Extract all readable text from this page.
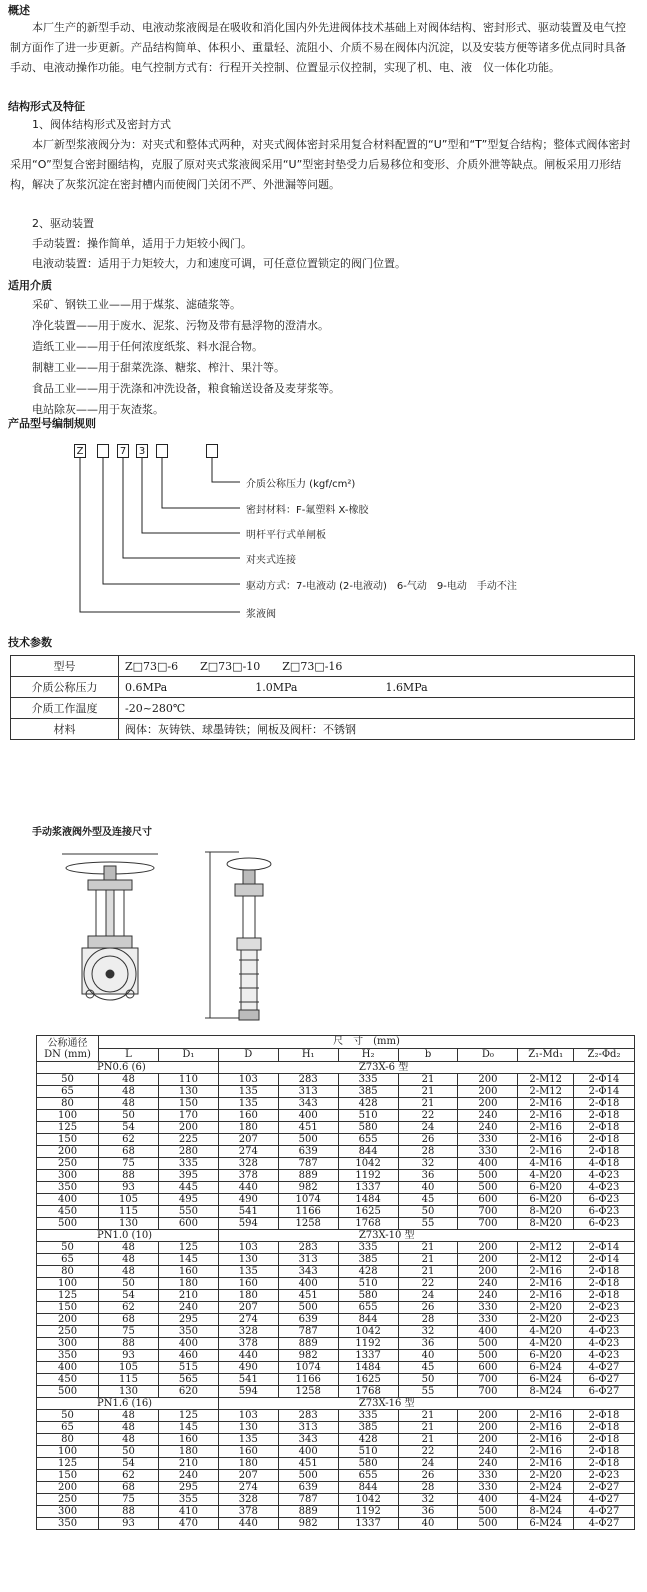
概述
本厂生产的新型手动、电液动浆液阀是在吸收和消化国内外先进阀体技术基础上对阀体结构、密封形式、驱动装置及电气控制方面作了进一步更新。产品结构简单、体积小、重量轻、流阻小、介质不易在阀体内沉淀，以及安装方便等诸多优点同时具备手动、电液动操作功能。电气控制方式有：行程开关控制、位置显示仪控制，实现了机、电、液　仪一体化功能。
结构形式及特征
1、阀体结构形式及密封方式
本厂新型浆液阀分为：对夹式和整体式两种，对夹式阀体密封采用复合材料配置的“U”型和“T”型复合结构；整体式阀体密封采用“O”型复合密封圈结构，克服了原对夹式浆液阀采用“U”型密封垫受力后易移位和变形、介质外泄等缺点。闸板采用刀形结构，解决了灰浆沉淀在密封槽内而使阀门关闭不严、外泄漏等问题。
2、驱动装置
手动装置：操作简单，适用于力矩较小阀门。
电液动装置：适用于力矩较大，力和速度可调，可任意位置锁定的阀门位置。
适用介质
采矿、钢铁工业——用于煤浆、滤碴浆等。
净化装置——用于废水、泥浆、污物及带有悬浮物的澄清水。
造纸工业——用于任何浓度纸浆、料水混合物。
制糖工业——用于甜菜洗涤、糖浆、榨汁、果汁等。
食品工业——用于洗涤和冲洗设备，粮食输送设备及麦芽浆等。
电站除灰——用于灰渣浆。
产品型号编制规则
Z	7 3
介质公称压力 (kgf/cm²)
密封材料：F-氟塑料 X-橡胶
明杆平行式单闸板
对夹式连接
驱动方式：7-电液动 (2-电液动)　6-气动　9-电动　手动不注
浆液阀
技术参数
型号	Z□73□-6　　Z□73□-10　　Z□73□-16
介质公称压力	0.6MPa　　　　　　　　1.0MPa　　　　　　　　1.6MPa
介质工作温度	-20~280℃
材料	阀体：灰铸铁、球墨铸铁；闸板及阀杆：不锈钢
手动浆液阀外型及连接尺寸
公称通径
DN (mm)	尺　寸　(mm)								
	L	D₁	D	H₁	H₂	b	D₀	Z₁-Md₁	Z₂-Φd₂
PN0.6 (6)			Z73X-6 型						
50	48	110	103	283	335	21	200	2-M12	2-Φ14
65	48	130	135	313	385	21	200	2-M12	2-Φ14
80	48	150	135	343	428	21	200	2-M16	2-Φ18
100	50	170	160	400	510	22	240	2-M16	2-Φ18
125	54	200	180	451	580	24	240	2-M16	2-Φ18
150	62	225	207	500	655	26	330	2-M16	2-Φ18
200	68	280	274	639	844	28	330	2-M16	2-Φ18
250	75	335	328	787	1042	32	400	4-M16	4-Φ18
300	88	395	378	889	1192	36	500	4-M20	4-Φ23
350	93	445	440	982	1337	40	500	6-M20	4-Φ23
400	105	495	490	1074	1484	45	600	6-M20	6-Φ23
450	115	550	541	1166	1625	50	700	8-M20	6-Φ23
500	130	600	594	1258	1768	55	700	8-M20	6-Φ23
PN1.0 (10)			Z73X-10 型						
50	48	125	103	283	335	21	200	2-M12	2-Φ14
65	48	145	130	313	385	21	200	2-M12	2-Φ14
80	48	160	135	343	428	21	200	2-M16	2-Φ18
100	50	180	160	400	510	22	240	2-M16	2-Φ18
125	54	210	180	451	580	24	240	2-M16	2-Φ18
150	62	240	207	500	655	26	330	2-M20	2-Φ23
200	68	295	274	639	844	28	330	2-M20	2-Φ23
250	75	350	328	787	1042	32	400	4-M20	4-Φ23
300	88	400	378	889	1192	36	500	4-M20	4-Φ23
350	93	460	440	982	1337	40	500	6-M20	4-Φ23
400	105	515	490	1074	1484	45	600	6-M24	4-Φ27
450	115	565	541	1166	1625	50	700	6-M24	6-Φ27
500	130	620	594	1258	1768	55	700	8-M24	6-Φ27
PN1.6 (16)			Z73X-16 型						
50	48	125	103	283	335	21	200	2-M16	2-Φ18
65	48	145	130	313	385	21	200	2-M16	2-Φ18
80	48	160	135	343	428	21	200	2-M16	2-Φ18
100	50	180	160	400	510	22	240	2-M16	2-Φ18
125	54	210	180	451	580	24	240	2-M16	2-Φ18
150	62	240	207	500	655	26	330	2-M20	2-Φ23
200	68	295	274	639	844	28	330	2-M24	2-Φ27
250	75	355	328	787	1042	32	400	4-M24	4-Φ27
300	88	410	378	889	1192	36	500	8-M24	4-Φ27
350	93	470	440	982	1337	40	500	6-M24	4-Φ27
